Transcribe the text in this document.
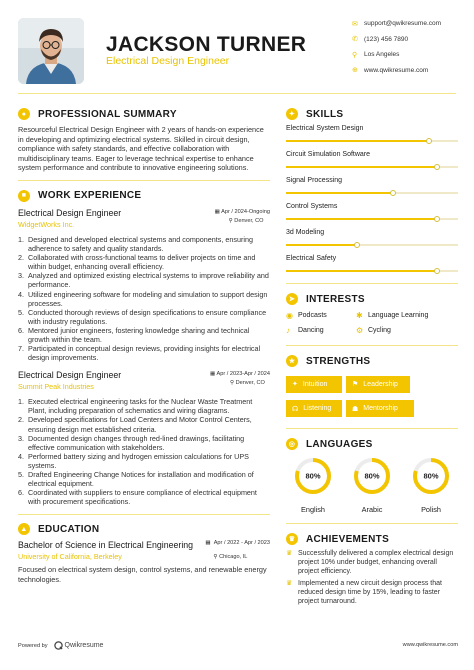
JACKSON TURNER
Electrical Design Engineer
✉ support@qwikresume.com
✆ (123) 456 7890
⚲	Los Angeles
⊕ www.qwikresume.com
●	PROFESSIONAL SUMMARY

Resourceful Electrical Design Engineer with 2 years of hands-on experience in developing and optimizing electrical systems. Skilled in circuit design, compliance with safety standards, and effective collaboration with multidisciplinary teams. Eager to leverage technical expertise to enhance system performance and contribute to innovative engineering solutions.

■	WORK EXPERIENCE
Electrical Design Engineer
WidgetWorks Inc.
▦ Apr / 2024-Ongoing
⚲ Denver, CO
1. Designed and developed electrical systems and components, ensuring adherence to safety and quality standards.
2. Collaborated with cross-functional teams to deliver projects on time and within budget, enhancing overall efficiency.
3. Analyzed and optimized existing electrical systems to improve reliability and performance.
4. Utilized engineering software for modeling and simulation to support design processes.
5. Conducted thorough reviews of design specifications to ensure compliance with industry regulations.
6. Mentored junior engineers, fostering knowledge sharing and technical growth within the team.
7. Participated in conceptual design reviews, providing insights for electrical design improvements.
Electrical Design Engineer
Summit Peak Industries
▦ Apr / 2023-Apr / 2024
⚲ Denver, CO
1. Executed electrical engineering tasks for the Nuclear Waste Treatment Plant, including preparation of schematics and wiring diagrams.
2. Developed specifications for Load Centers and Motor Control Centers, ensuring design met established criteria.
3. Documented design changes through red-lined drawings, facilitating effective communication with stakeholders.
4. Performed battery sizing and hydrogen emission calculations for UPS systems.
5. Drafted Engineering Change Notices for installation and modification of electrical equipment.
6. Coordinated with suppliers to ensure compliance of electrical equipment with procurement specifications.
▲ EDUCATION
Bachelor of Science in Electrical Engineering
University of California, Berkeley
▦ Apr / 2022 - Apr / 2023
⚲ Chicago, IL

Focused on electrical system design, control systems, and renewable energy technologies.

✦ SKILLS
Electrical System Design
Circuit Simulation Software
Signal Processing
Control Systems
3d Modeling
Electrical Safety
➤ INTERESTS
◉ Podcasts	✱ Language Learning
♪	Dancing	⚙ Cycling
★ STRENGTHS
✦ Intuition	⚑ Leadership

☊ Listening	☗ Mentorship
◎ LANGUAGES
80%
English
80%
Arabic
80%
Polish
♛ ACHIEVEMENTS
♛ Successfully delivered a complex electrical design project 10% under budget, enhancing overall project efficiency.
♛ Implemented a new circuit design process that reduced design time by 15%, leading to faster project turnaround.
Powered by Qwikresume	www.qwikresume.com
